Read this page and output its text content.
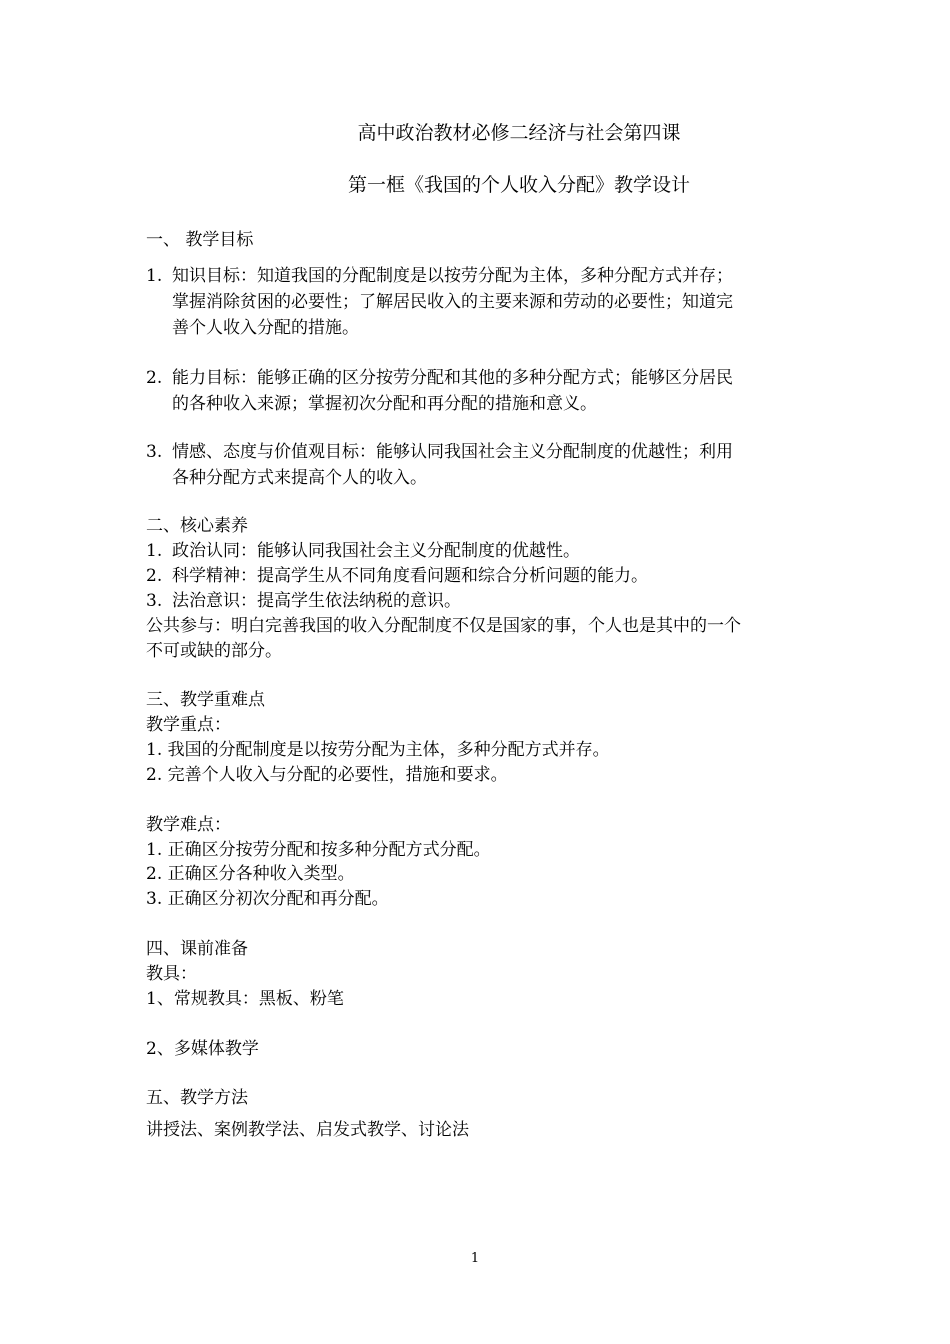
高中政治教材必修二经济与社会第四课
第一框《我国的个人收入分配》教学设计
一、 教学目标
1. 知识目标：知道我国的分配制度是以按劳分配为主体，多种分配方式并存；
掌握消除贫困的必要性；了解居民收入的主要来源和劳动的必要性；知道完
善个人收入分配的措施。
2. 能力目标：能够正确的区分按劳分配和其他的多种分配方式；能够区分居民
的各种收入来源；掌握初次分配和再分配的措施和意义。
3. 情感、态度与价值观目标：能够认同我国社会主义分配制度的优越性；利用
各种分配方式来提高个人的收入。
二、核心素养
1. 政治认同：能够认同我国社会主义分配制度的优越性。
2. 科学精神：提高学生从不同角度看问题和综合分析问题的能力。
3. 法治意识：提高学生依法纳税的意识。
公共参与：明白完善我国的收入分配制度不仅是国家的事，个人也是其中的一个
不可或缺的部分。
三、教学重难点
教学重点：
1. 我国的分配制度是以按劳分配为主体，多种分配方式并存。
2. 完善个人收入与分配的必要性，措施和要求。
教学难点：
1. 正确区分按劳分配和按多种分配方式分配。
2. 正确区分各种收入类型。
3. 正确区分初次分配和再分配。
四、课前准备
教具：
1、常规教具：黑板、粉笔
2、多媒体教学
五、教学方法
讲授法、案例教学法、启发式教学、讨论法
1
